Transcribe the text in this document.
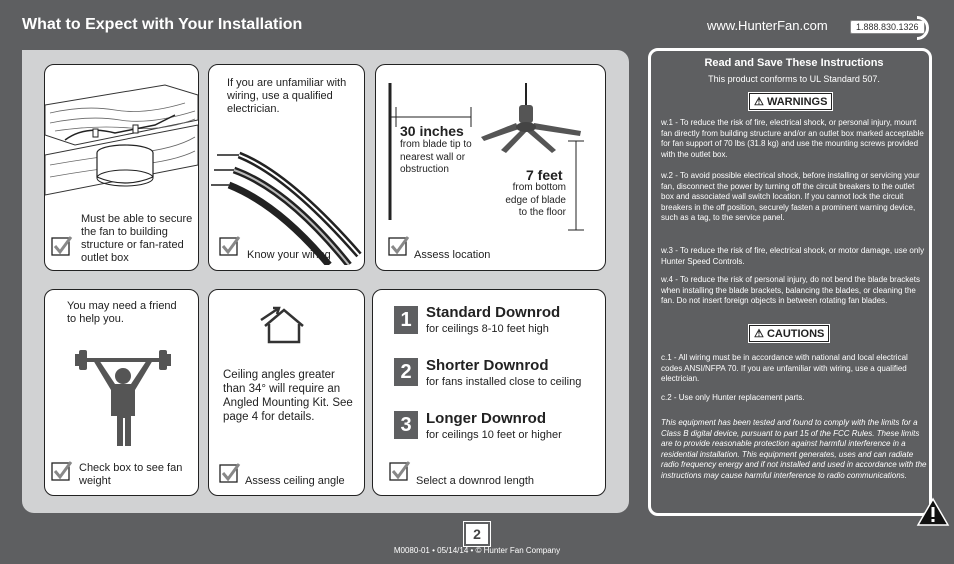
What to Expect with Your Installation	www.HunterFan.com	1.888.830.1326
Must be able to secure the fan to building structure or fan-rated outlet box
If you are unfamiliar with wiring, use a qualified electrician.
Know your wiring
30 inches
from blade tip to nearest wall or obstruction	7 feet
from bottom edge of blade to the floor
Assess location
You may need a friend to help you.
Check box to see fan weight
Ceiling angles greater than 34° will require an Angled Mounting Kit. See page 4 for details.
Assess ceiling angle
1 Standard Downrod
for ceilings 8-10 feet high
2 Shorter Downrod
for fans installed close to ceiling
3 Longer Downrod
for ceilings 10 feet or higher
Select a downrod length
Read and Save These Instructions
This product conforms to UL Standard 507.
⚠ WARNINGS
w.1 - To reduce the risk of fire, electrical shock, or personal injury, mount fan directly from building structure and/or an outlet box marked acceptable for fan support of 70 lbs (31.8 kg) and use the mounting screws provided with the outlet box.
w.2 - To avoid possible electrical shock, before installing or servicing your fan, disconnect the power by turning off the circuit breakers to the outlet box and associated wall switch location. If you cannot lock the circuit breakers in the off position, securely fasten a prominent warning device, such as a tag, to the service panel.
w.3 - To reduce the risk of fire, electrical shock, or motor damage, use only Hunter Speed Controls.
w.4 - To reduce the risk of personal injury, do not bend the blade brackets when installing the blade brackets, balancing the blades, or cleaning the fan. Do not insert foreign objects in between rotating fan blades.
⚠ CAUTIONS
c.1 - All wiring must be in accordance with national and local electrical codes ANSI/NFPA 70. If you are unfamiliar with wiring, use a qualified electrician.
c.2 - Use only Hunter replacement parts.
This equipment has been tested and found to comply with the limits for a Class B digital device, pursuant to part 15 of the FCC Rules. These limits are to provide reasonable protection against harmful interference in a residential installation. This equipment generates, uses and can radiate radio frequency energy and if not installed and used in accordance with the instructions may cause harmful interference to radio communications.
2
M0080-01 • 05/14/14 • © Hunter Fan Company
